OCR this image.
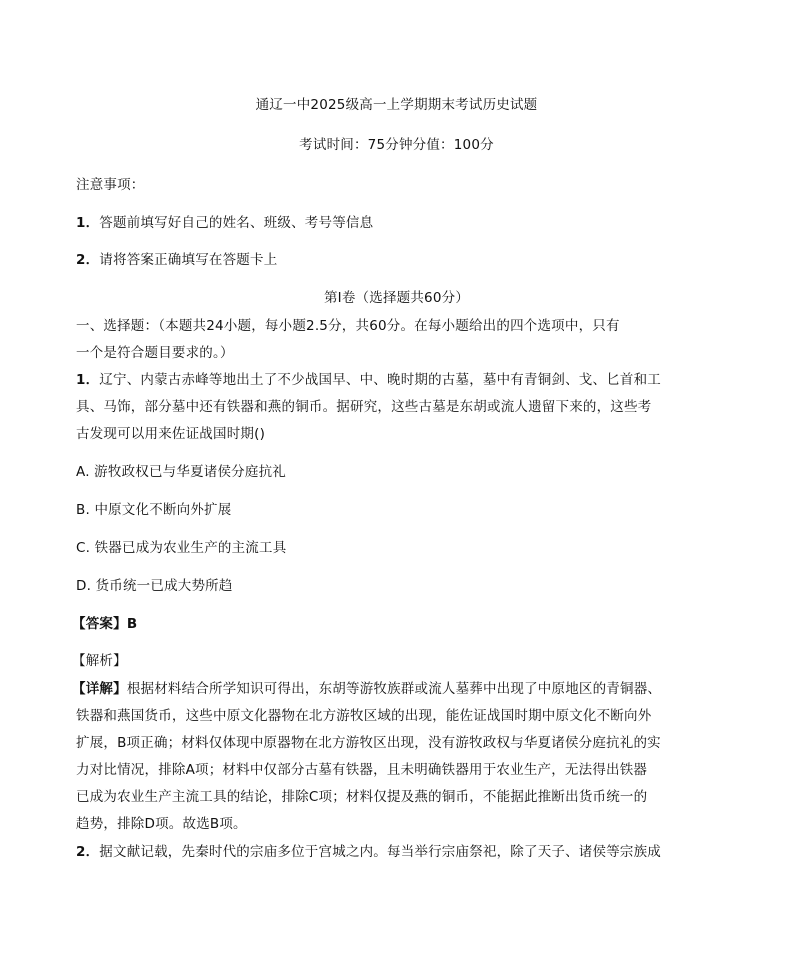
通辽一中2025级高一上学期期末考试历史试题
考试时间：75分钟分值：100分
注意事项：
1．答题前填写好自己的姓名、班级、考号等信息
2．请将答案正确填写在答题卡上
第I卷（选择题共60分）
一、选择题：（本题共24小题，每小题2.5分，共60分。在每小题给出的四个选项中，只有
一个是符合题目要求的。）
1．辽宁、内蒙古赤峰等地出土了不少战国早、中、晚时期的古墓，墓中有青铜剑、戈、匕首和工
具、马饰，部分墓中还有铁器和燕的铜币。据研究，这些古墓是东胡或流人遗留下来的，这些考
古发现可以用来佐证战国时期()
A. 游牧政权已与华夏诸侯分庭抗礼
B. 中原文化不断向外扩展
C. 铁器已成为农业生产的主流工具
D. 货币统一已成大势所趋
【答案】B
【解析】
【详解】根据材料结合所学知识可得出，东胡等游牧族群或流人墓葬中出现了中原地区的青铜器、
铁器和燕国货币，这些中原文化器物在北方游牧区域的出现，能佐证战国时期中原文化不断向外
扩展，B项正确；材料仅体现中原器物在北方游牧区出现，没有游牧政权与华夏诸侯分庭抗礼的实
力对比情况，排除A项；材料中仅部分古墓有铁器，且未明确铁器用于农业生产，无法得出铁器
已成为农业生产主流工具的结论，排除C项；材料仅提及燕的铜币，不能据此推断出货币统一的
趋势，排除D项。故选B项。
2．据文献记载，先秦时代的宗庙多位于宫城之内。每当举行宗庙祭祀，除了天子、诸侯等宗族成
